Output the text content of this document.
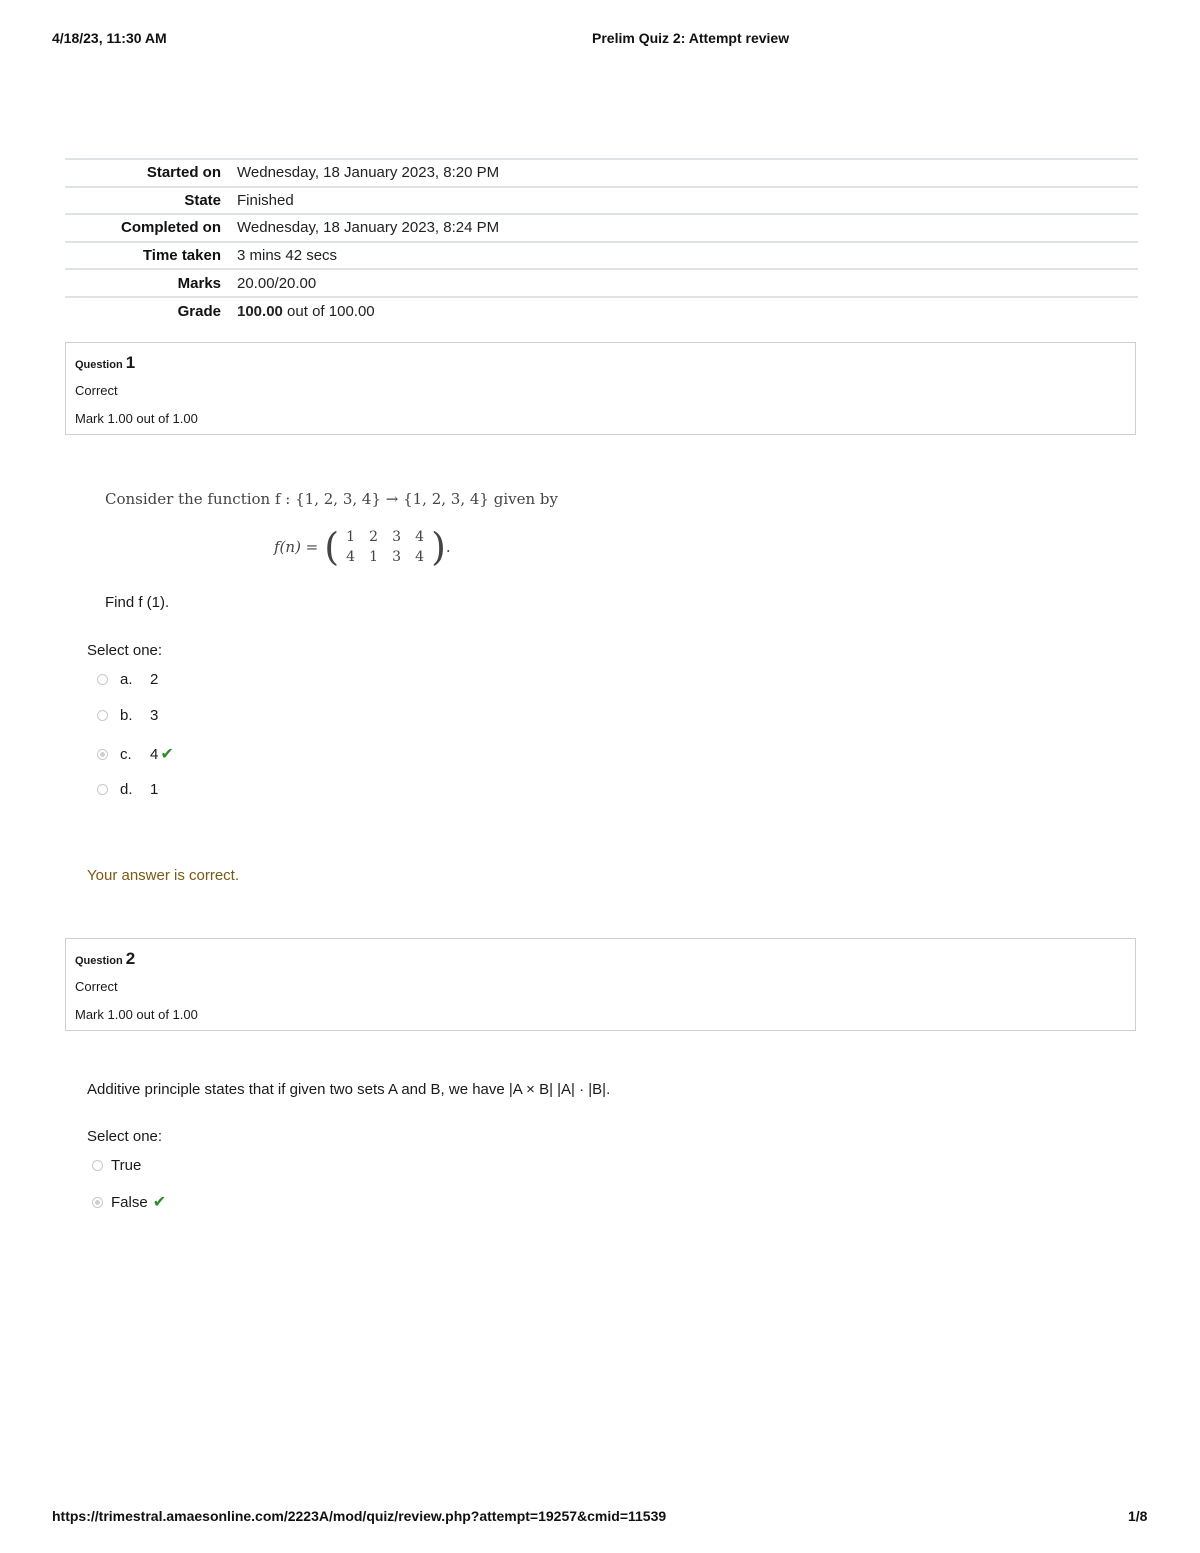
4/18/23, 11:30 AM	Prelim Quiz 2: Attempt review
Started on	Wednesday, 18 January 2023, 8:20 PM
State	Finished
Completed on	Wednesday, 18 January 2023, 8:24 PM
Time taken	3 mins 42 secs
Marks	20.00/20.00
Grade	100.00 out of 100.00
Question 1
Correct
Mark 1.00 out of 1.00
Consider the function f : {1, 2, 3, 4} → {1, 2, 3, 4} given by
f(n) = ( 1	2	3	4
4	1	3	4 ) .
Find f (1).
Select one:
a.	2
b.	3
c.	4 ✔
d.	1
Your answer is correct.
Question 2
Correct
Mark 1.00 out of 1.00
Additive principle states that if given two sets A and B, we have |A × B| |A| · |B|.
Select one:
True
False ✔
https://trimestral.amaesonline.com/2223A/mod/quiz/review.php?attempt=19257&cmid=11539	1/8
